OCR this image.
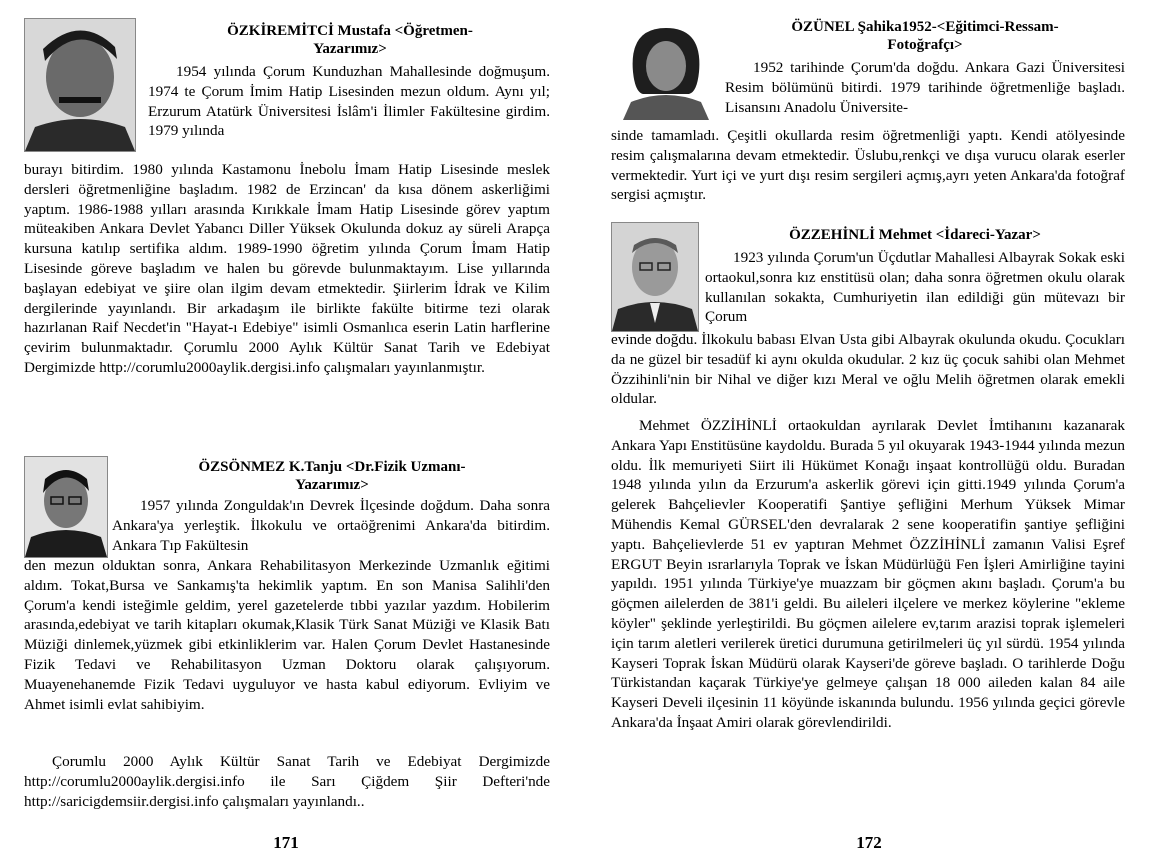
ÖZKİREMİTCİ Mustafa <Öğretmen-
Yazarımız>

1954 yılında Çorum Kunduzhan Mahallesinde doğmuşum. 1974 te Çorum İmim Hatip Lisesinden mezun oldum. Aynı yıl; Erzurum Atatürk Üniversitesi İslâm'i İlimler Fakültesine girdim. 1979 yılında

burayı bitirdim. 1980 yılında Kastamonu İnebolu İmam Hatip Lisesinde meslek dersleri öğretmenliğine başladım. 1982 de Erzincan' da kısa dönem askerliğimi yaptım. 1986-1988 yılları arasında Kırıkkale İmam Hatip Lisesinde görev yaptım müteakiben Ankara Devlet Yabancı Diller Yüksek Okulunda dokuz ay süreli Arapça kursuna katılıp sertifika aldım. 1989-1990 öğretim yılında Çorum İmam Hatip Lisesinde göreve başladım ve halen bu görevde bulunmaktayım. Lise yıllarında başlayan edebiyat ve şiire olan ilgim devam etmektedir. Şiirlerim İdrak ve Kilim dergilerinde yayınlandı. Bir arkadaşım ile birlikte fakülte bitirme tezi olarak hazırlanan Raif Necdet'in "Hayat-ı Edebiye" isimli Osmanlıca eserin Latin harflerine çevirim bulunmaktadır. Çorumlu 2000 Aylık Kültür Sanat Tarih ve Edebiyat Dergimizde http://corumlu2000aylik.dergisi.info çalışmaları yayınlanmıştır.

ÖZSÖNMEZ K.Tanju <Dr.Fizik Uzmanı-
Yazarımız>

1957 yılında Zonguldak'ın Devrek İlçesinde doğdum. Daha sonra Ankara'ya yerleştik. İlkokulu ve ortaöğrenimi Ankara'da bitirdim. Ankara Tıp Fakültesin

den mezun olduktan sonra, Ankara Rehabilitasyon Merkezinde Uzmanlık eğitimi aldım. Tokat,Bursa ve Sankamış'ta hekimlik yaptım. En son Manisa Salihli'den Çorum'a kendi isteğimle geldim, yerel gazetelerde tıbbi yazılar yazdım. Hobilerim arasında,edebiyat ve tarih kitapları okumak,Klasik Türk Sanat Müziği ve Klasik Batı Müziği dinlemek,yüzmek gibi etkinliklerim var. Halen Çorum Devlet Hastanesinde Fizik Tedavi ve Rehabilitasyon Uzman Doktoru olarak çalışıyorum. Muayenehanemde Fizik Tedavi uyguluyor ve hasta kabul ediyorum. Evliyim ve Ahmet isimli evlat sahibiyim.

Çorumlu 2000 Aylık Kültür Sanat Tarih ve Edebiyat Dergimizde http://corumlu2000aylik.dergisi.info ile Sarı Çiğdem Şiir Defteri'nde http://saricigdemsiir.dergisi.info çalışmaları yayınlandı..

171
ÖZÜNEL Şahika1952-<Eğitimci-Ressam-
Fotoğrafçı>

1952 tarihinde Çorum'da doğdu. Ankara Gazi Üniversitesi Resim bölümünü bitirdi. 1979 tarihinde öğretmenliğe başladı. Lisansını Anadolu Üniversite-

sinde tamamladı. Çeşitli okullarda resim öğretmenliği yaptı. Kendi atölyesinde resim çalışmalarına devam etmektedir. Üslubu,renkçi ve dışa vurucu olarak eserler vermektedir. Yurt içi ve yurt dışı resim sergileri açmış,ayrı yeten Ankara'da fotoğraf sergisi açmıştır.

ÖZZEHİNLİ Mehmet <İdareci-Yazar>

1923 yılında Çorum'un Üçdutlar Mahallesi Albayrak Sokak eski ortaokul,sonra kız enstitüsü olan; daha sonra öğretmen okulu olarak kullanılan sokakta, Cumhuriyetin ilan edildiği gün mütevazı bir Çorum

evinde doğdu. İlkokulu babası Elvan Usta gibi Albayrak okulunda okudu. Çocukları da ne güzel bir tesadüf ki aynı okulda okudular. 2 kız üç çocuk sahibi olan Mehmet Özzihinli'nin bir Nihal ve diğer kızı Meral ve oğlu Melih öğretmen olarak emekli oldular.

Mehmet ÖZZİHİNLİ ortaokuldan ayrılarak Devlet İmtihanını kazanarak Ankara Yapı Enstitüsüne kaydoldu. Burada 5 yıl okuyarak 1943-1944 yılında mezun oldu. İlk memuriyeti Siirt ili Hükümet Konağı inşaat kontrollüğü oldu. Buradan 1948 yılında yılın da Erzurum'a askerlik görevi için gitti.1949 yılında Çorum'a gelerek Bahçelievler Kooperatifi Şantiye şefliğini Merhum Yüksek Mimar Mühendis Kemal GÜRSEL'den devralarak 2 sene kooperatifin şantiye şefliğini yaptı. Bahçelievlerde 51 ev yaptıran Mehmet ÖZZİHİNLİ zamanın Valisi Eşref ERGUT Beyin ısrarlarıyla Toprak ve İskan Müdürlüğü Fen İşleri Amirliğine tayini yapıldı. 1951 yılında Türkiye'ye muazzam bir göçmen akını başladı. Çorum'a bu göçmen ailelerden de 381'i geldi. Bu aileleri ilçelere ve merkez köylerine "ekleme köyler" şeklinde yerleştirildi. Bu göçmen ailelere ev,tarım arazisi toprak işlemeleri için tarım aletleri verilerek üretici durumuna getirilmeleri üç yıl sürdü. 1954 yılında Kayseri Toprak İskan Müdürü olarak Kayseri'de göreve başladı. O tarihlerde Doğu Türkistandan kaçarak Türkiye'ye gelmeye çalışan 18 000 aileden kalan 84 aile Kayseri Develi ilçesinin 11 köyünde iskanında bulundu. 1956 yılında geçici görevle Ankara'da İnşaat Amiri olarak görevlendirildi.

172
